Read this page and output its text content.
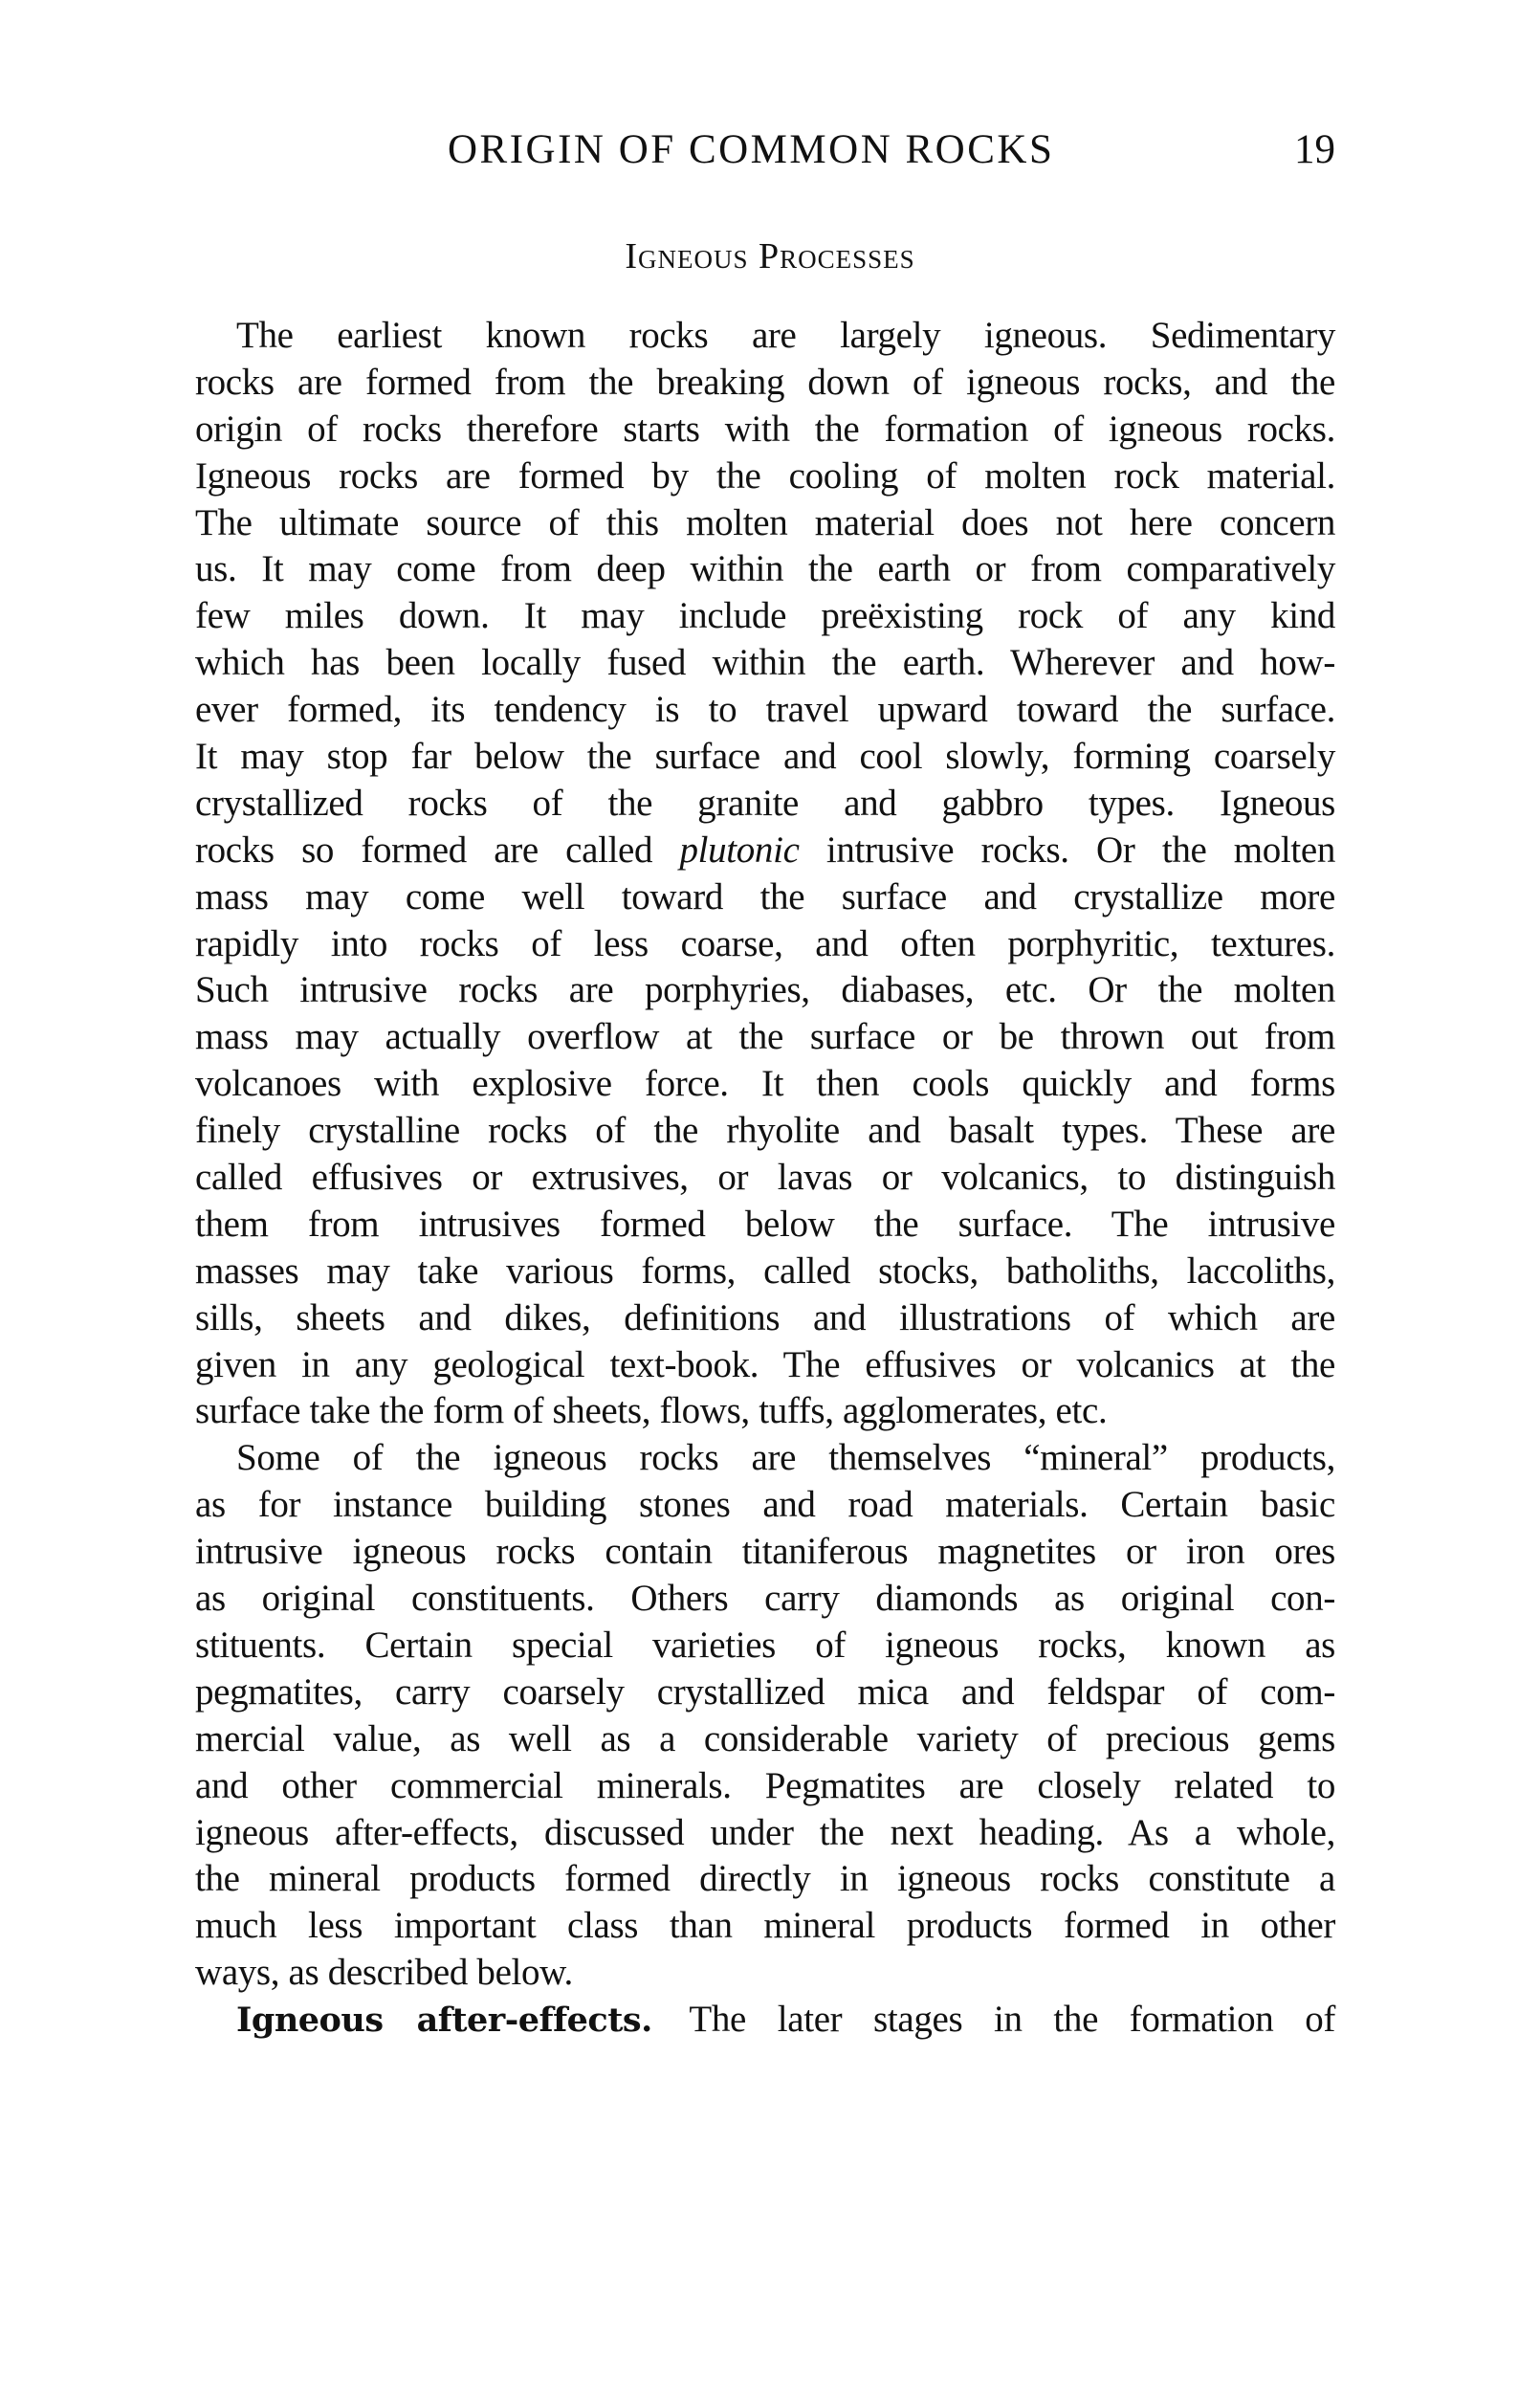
ORIGIN OF COMMON ROCKS	19
Igneous Processes
The earliest known rocks are largely igneous. Sedimentary
rocks are formed from the breaking down of igneous rocks, and the
origin of rocks therefore starts with the formation of igneous rocks.
Igneous rocks are formed by the cooling of molten rock material.
The ultimate source of this molten material does not here concern
us. It may come from deep within the earth or from comparatively
few miles down. It may include preëxisting rock of any kind
which has been locally fused within the earth. Wherever and how-
ever formed, its tendency is to travel upward toward the surface.
It may stop far below the surface and cool slowly, forming coarsely
crystallized rocks of the granite and gabbro types. Igneous
rocks so formed are called plutonic intrusive rocks. Or the molten
mass may come well toward the surface and crystallize more
rapidly into rocks of less coarse, and often porphyritic, textures.
Such intrusive rocks are porphyries, diabases, etc. Or the molten
mass may actually overflow at the surface or be thrown out from
volcanoes with explosive force. It then cools quickly and forms
finely crystalline rocks of the rhyolite and basalt types. These are
called effusives or extrusives, or lavas or volcanics, to distinguish
them from intrusives formed below the surface. The intrusive
masses may take various forms, called stocks, batholiths, laccoliths,
sills, sheets and dikes, definitions and illustrations of which are
given in any geological text-book. The effusives or volcanics at the
surface take the form of sheets, flows, tuffs, agglomerates, etc.
Some of the igneous rocks are themselves “mineral” products,
as for instance building stones and road materials. Certain basic
intrusive igneous rocks contain titaniferous magnetites or iron ores
as original constituents. Others carry diamonds as original con-
stituents. Certain special varieties of igneous rocks, known as
pegmatites, carry coarsely crystallized mica and feldspar of com-
mercial value, as well as a considerable variety of precious gems
and other commercial minerals. Pegmatites are closely related to
igneous after-effects, discussed under the next heading. As a whole,
the mineral products formed directly in igneous rocks constitute a
much less important class than mineral products formed in other
ways, as described below.
Igneous after-effects.  The later stages in the formation of
